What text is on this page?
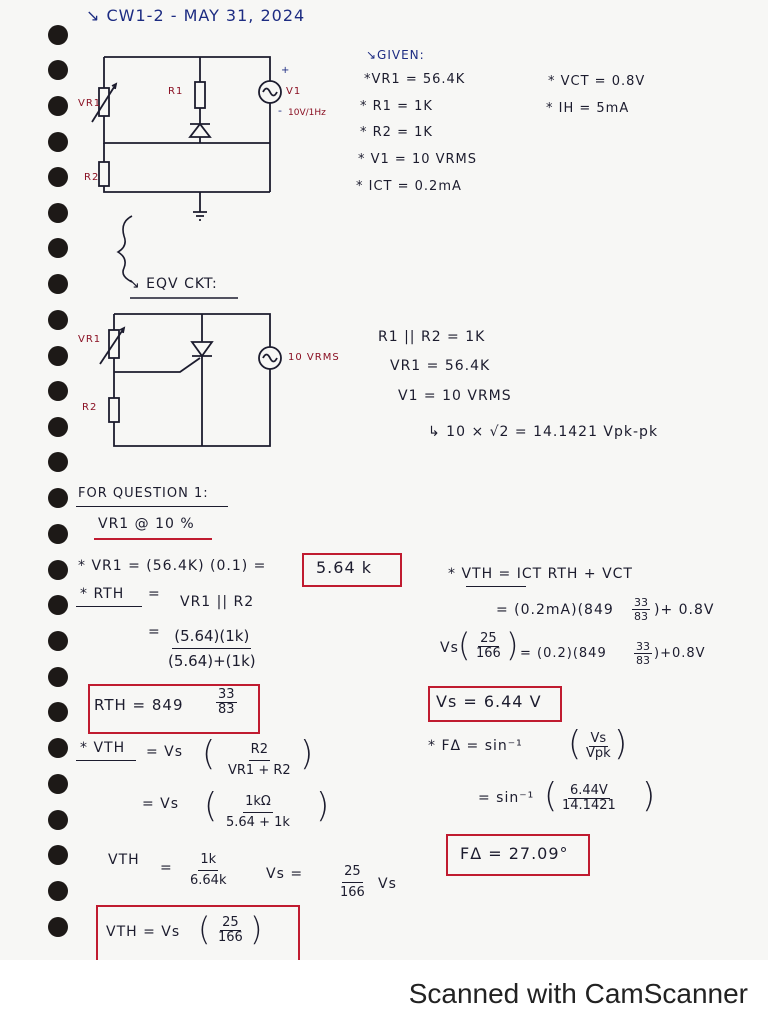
↘ CW1-2 - MAY 31, 2024
VR1
R1	V1
R2
+
- 10V/1Hz
↘GIVEN:
*VR1 = 56.4K
* R1 = 1K
* R2 = 1K
* V1 = 10 VRMS
* ICT = 0.2mA
* VCT = 0.8V
* IH = 5mA
↘ EQV CKT:
VR1
R2
10 VRMS
R1 || R2 = 1K
VR1 = 56.4K
V1 = 10 VRMS
↳ 10 × √2 = 14.1421 Vpk-pk
FOR QUESTION 1:
VR1 @ 10 %
* VR1 = (56.4K) (0.1) =	5.64 k
* RTH = VR1 || R2
= $\frac{(5.64)(1k)}{(5.64)+(1k)}$
RTH = $849 \frac{33}{83}$
* VTH = Vs ( $\frac{R2}{VR1 + R2}$ )
= Vs ( $\frac{1k\Omega}{5.64 + 1k}$ )
VTH = $\frac{1k}{6.64k}$	Vs =	$\frac{25}{166}$ Vs
VTH = Vs ( $\frac{25}{166}$ )
* VTH = ICT RTH + VCT
= $(0.2mA)(849 \frac{33}{83}$ )+ 0.8V
Vs ( $\frac{25}{166}$ ) = $(0.2)(849 \frac{33}{83} )+0.8V$
Vs = 6.44 V
* FΔ = sin⁻¹ ( Vs
Vpk )
= sin⁻¹ ( $\frac{6.44V}{14.1421}$ )
FΔ = 27.09°
Scanned with CamScanner
